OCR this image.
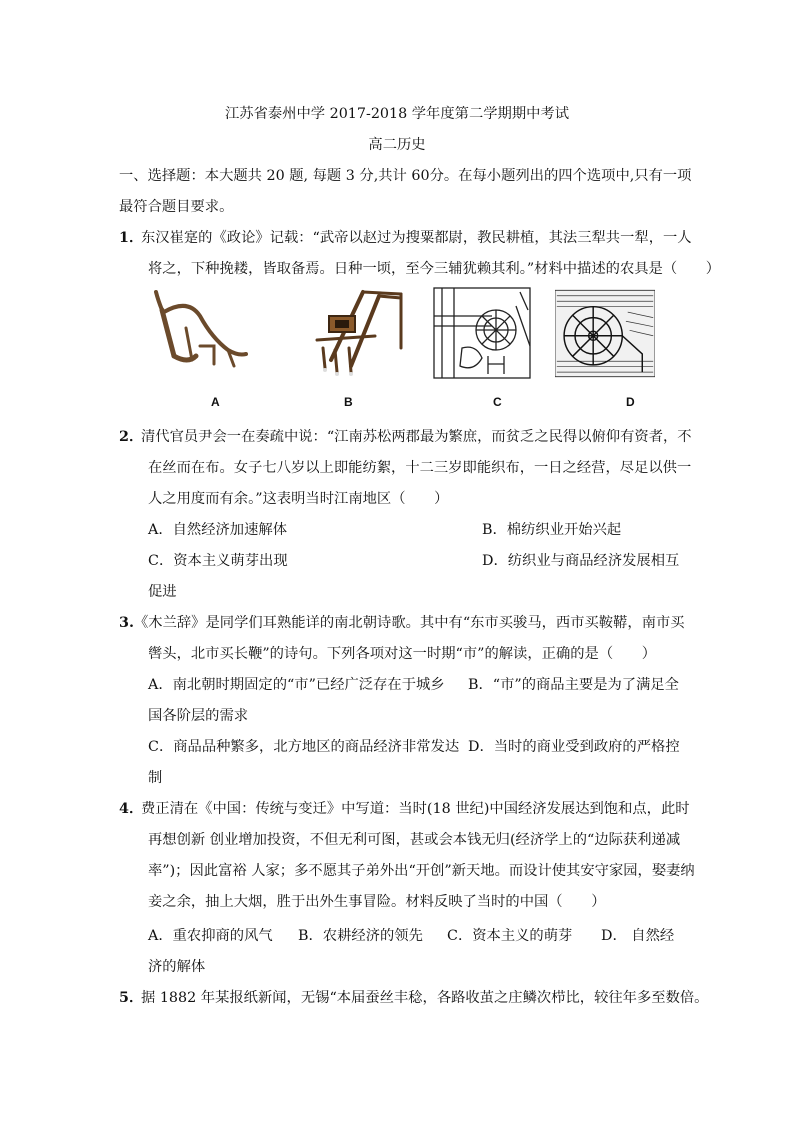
江苏省泰州中学 2017-2018 学年度第二学期期中考试
高二历史
一、选择题：本大题共 20 题, 每题 3 分,共计 60分。在每小题列出的四个选项中,只有一项
最符合题目要求。
1．
东汉崔寔的《政论》记载：“武帝以赵过为搜粟都尉，教民耕植，其法三犁共一犁，一人
将之，下种挽耧，皆取备焉。日种一顷，至今三辅犹赖其利。”材料中描述的农具是（　　）
A	B	C	D
2．
清代官员尹会一在奏疏中说：“江南苏松两郡最为繁庶，而贫乏之民得以俯仰有资者，不
在丝而在布。女子七八岁以上即能纺絮，十二三岁即能织布，一日之经营，尽足以供一
人之用度而有余。”这表明当时江南地区（　　）
A．自然经济加速解体	B．棉纺织业开始兴起
C．资本主义萌芽出现	D．纺织业与商品经济发展相互
促进
3. 《木兰辞》是同学们耳熟能详的南北朝诗歌。其中有“东市买骏马，西市买鞍鞯，南市买
辔头，北市买长鞭”的诗句。下列各项对这一时期“市”的解读，正确的是（　　）
A．南北朝时期固定的“市”已经广泛存在于城乡 B．“市”的商品主要是为了满足全
国各阶层的需求
C．商品品种繁多，北方地区的商品经济非常发达 D．当时的商业受到政府的严格控
制
4．
费正清在《中国：传统与变迁》中写道：当时(18 世纪)中国经济发展达到饱和点，此时
再想创新 创业增加投资，不但无利可图，甚或会本钱无归(经济学上的“边际获利递减
率”)；因此富裕 人家；多不愿其子弟外出“开创”新天地。而设计使其安守家园，娶妻纳
妾之余，抽上大烟，胜于出外生事冒险。材料反映了当时的中国（　　）
A．重农抑商的风气 B．农耕经济的领先 C．资本主义的萌芽 D． 自然经
济的解体
5．
据 1882 年某报纸新闻，无锡“本届蚕丝丰稔，各路收茧之庄鳞次栉比，较往年多至数倍。
